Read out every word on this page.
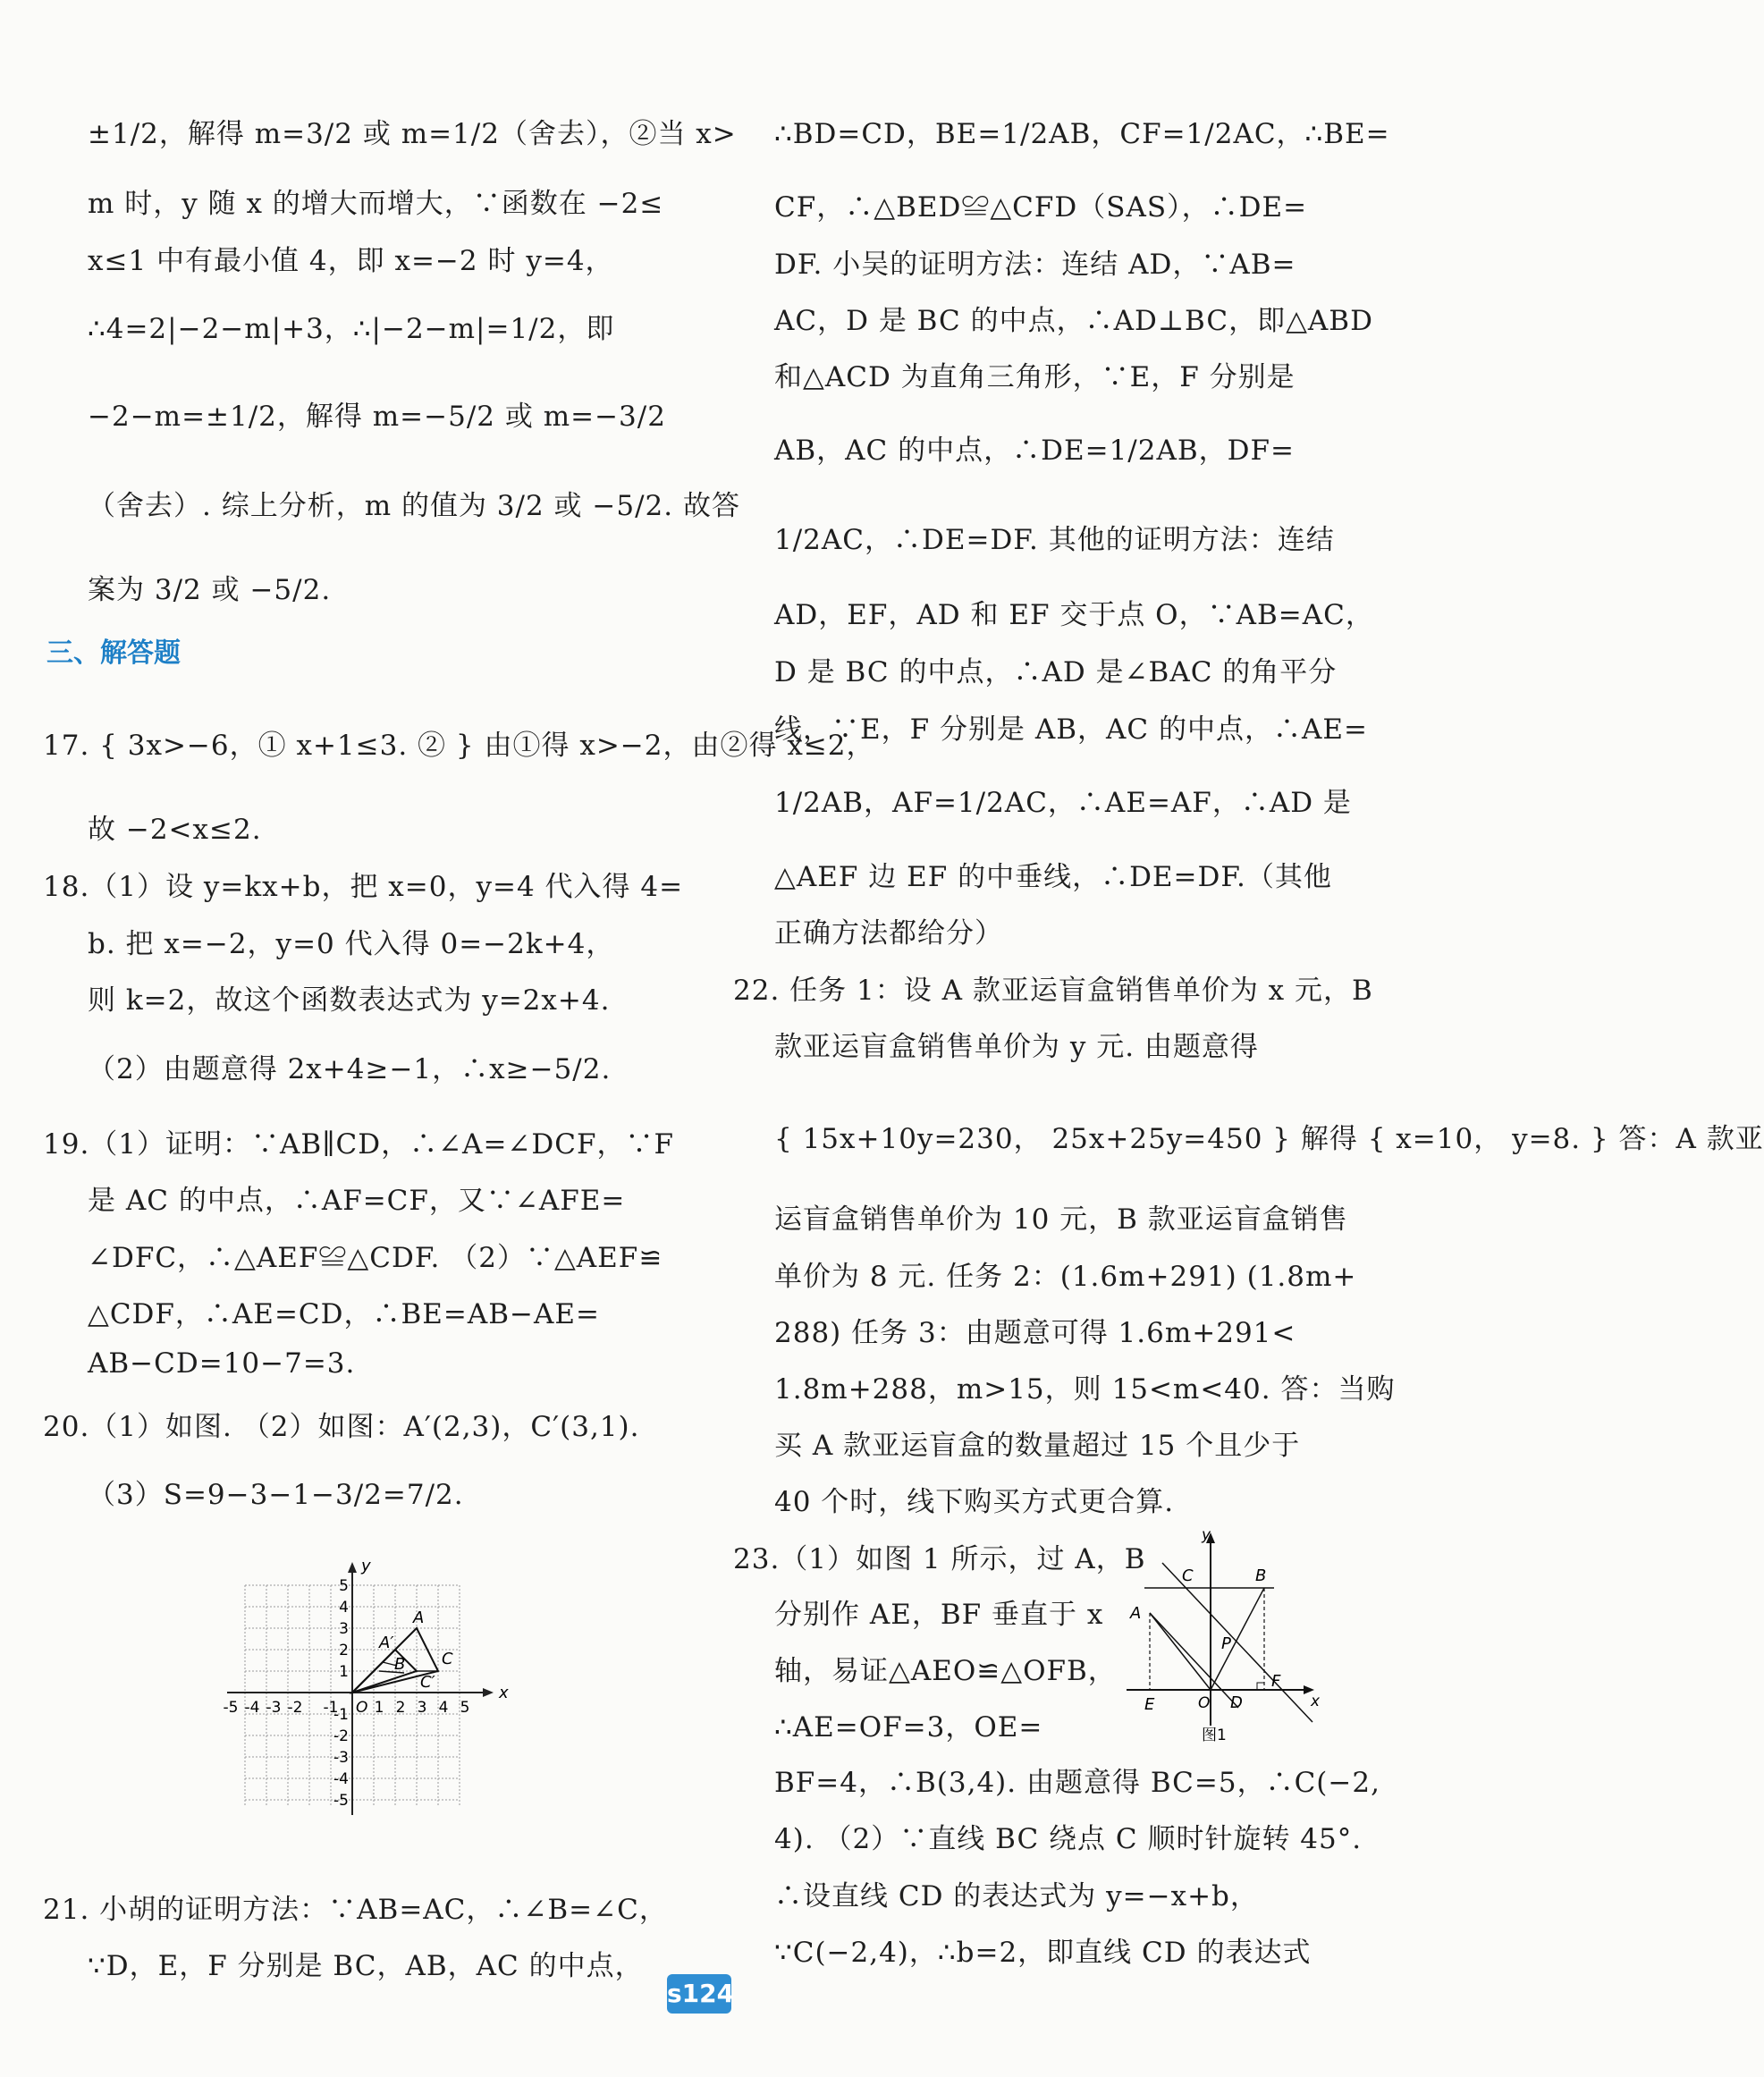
±1/2，解得 m=3/2 或 m=1/2（舍去），②当 x>
m 时，y 随 x 的增大而增大，∵函数在 −2≤
x≤1 中有最小值 4，即 x=−2 时 y=4，
∴4=2|−2−m|+3，∴|−2−m|=1/2，即
−2−m=±1/2，解得 m=−5/2 或 m=−3/2
（舍去）. 综上分析，m 的值为 3/2 或 −5/2. 故答
案为 3/2 或 −5/2.
三、解答题
17. { 3x>−6，① x+1≤3. ② } 由①得 x>−2，由②得 x≤2，
故 −2<x≤2.
18.（1）设 y=kx+b，把 x=0，y=4 代入得 4=
b. 把 x=−2，y=0 代入得 0=−2k+4，
则 k=2，故这个函数表达式为 y=2x+4.
（2）由题意得 2x+4≥−1，∴x≥−5/2.
19.（1）证明：∵AB∥CD，∴∠A=∠DCF，∵F
是 AC 的中点，∴AF=CF，又∵∠AFE=
∠DFC，∴△AEF≌△CDF. （2）∵△AEF≌
△CDF，∴AE=CD，∴BE=AB−AE=
AB−CD=10−7=3.
20.（1）如图. （2）如图：A′(2,3)，C′(3,1).
（3）S=9−3−1−3/2=7/2.
x
y
O
-5 -4 -3 -2 -1 1 2 3 4 5
5
4
3
2
1
-1
-2
-3
-4
-5
A
A′
B C
C′
21. 小胡的证明方法：∵AB=AC，∴∠B=∠C，
∵D，E，F 分别是 BC，AB，AC 的中点，
∴BD=CD，BE=1/2AB，CF=1/2AC，∴BE=
CF，∴△BED≌△CFD（SAS），∴DE=
DF. 小吴的证明方法：连结 AD，∵AB=
AC，D 是 BC 的中点，∴AD⊥BC，即△ABD
和△ACD 为直角三角形，∵E，F 分别是
AB，AC 的中点，∴DE=1/2AB，DF=
1/2AC，∴DE=DF. 其他的证明方法：连结
AD，EF，AD 和 EF 交于点 O，∵AB=AC，
D 是 BC 的中点，∴AD 是∠BAC 的角平分
线，∵E，F 分别是 AB，AC 的中点，∴AE=
1/2AB，AF=1/2AC，∴AE=AF，∴AD 是
△AEF 边 EF 的中垂线，∴DE=DF.（其他
正确方法都给分）
22. 任务 1：设 A 款亚运盲盒销售单价为 x 元，B
款亚运盲盒销售单价为 y 元. 由题意得
{ 15x+10y=230， 25x+25y=450 } 解得 { x=10， y=8. } 答：A 款亚
运盲盒销售单价为 10 元，B 款亚运盲盒销售
单价为 8 元. 任务 2：(1.6m+291) (1.8m+
288) 任务 3：由题意可得 1.6m+291<
1.8m+288，m>15，则 15<m<40. 答：当购
买 A 款亚运盲盒的数量超过 15 个且少于
40 个时，线下购买方式更合算.
23.（1）如图 1 所示，过 A，B
分别作 AE，BF 垂直于 x
轴，易证△AEO≌△OFB，
∴AE=OF=3，OE=
BF=4，∴B(3,4). 由题意得 BC=5，∴C(−2,
4). （2）∵直线 BC 绕点 C 顺时针旋转 45°.
∴设直线 CD 的表达式为 y=−x+b，
∵C(−2,4)，∴b=2，即直线 CD 的表达式
y
x
O
A
B
C
D
E
F
P
图1
s124
